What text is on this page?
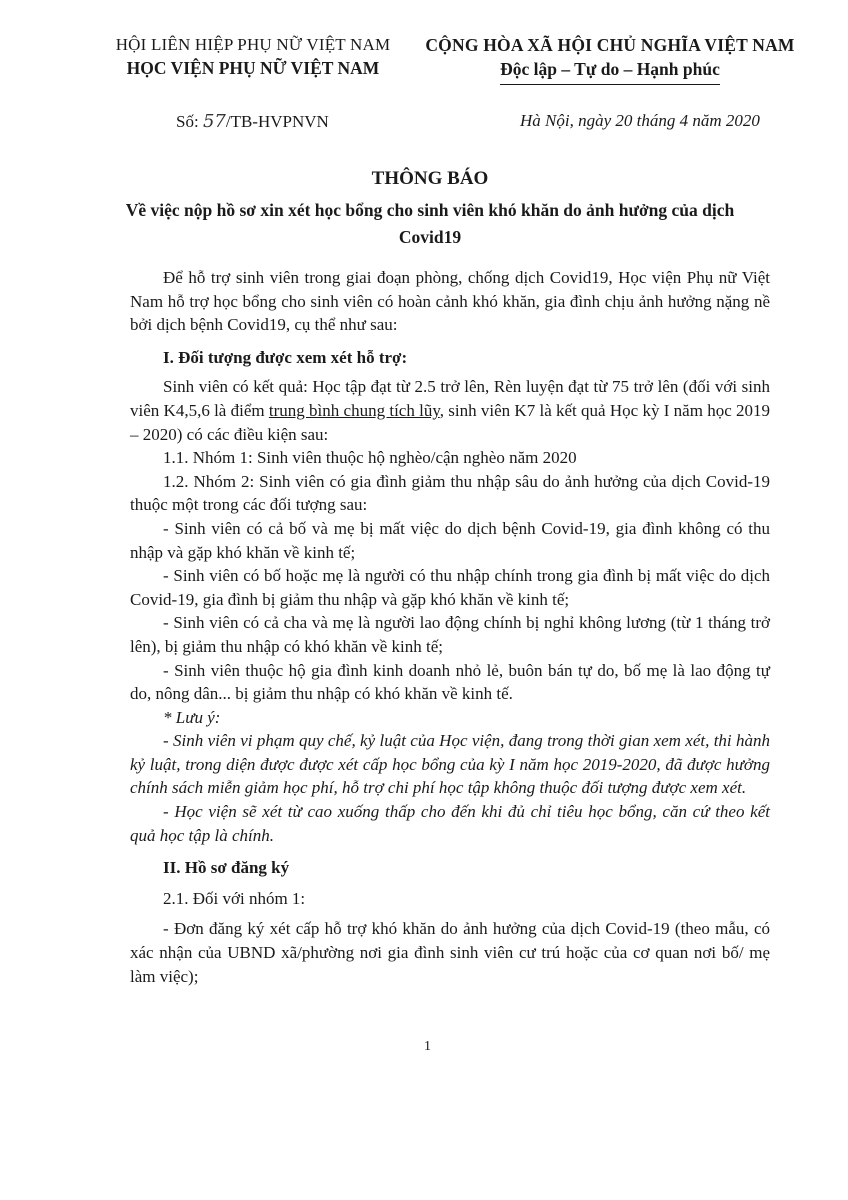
HỘI LIÊN HIỆP PHỤ NỮ VIỆT NAM
HỌC VIỆN PHỤ NỮ VIỆT NAM
CỘNG HÒA XÃ HỘI CHỦ NGHĨA VIỆT NAM
Độc lập – Tự do – Hạnh phúc
Số: 57/TB-HVPNVN	Hà Nội, ngày 20 tháng 4 năm 2020
THÔNG BÁO
Về việc nộp hồ sơ xin xét học bổng cho sinh viên khó khăn do ảnh hưởng của dịch Covid19

Để hỗ trợ sinh viên trong giai đoạn phòng, chống dịch Covid19, Học viện Phụ nữ Việt Nam hỗ trợ học bổng cho sinh viên có hoàn cảnh khó khăn, gia đình chịu ảnh hưởng nặng nề bởi dịch bệnh Covid19, cụ thể như sau:

I. Đối tượng được xem xét hỗ trợ:

Sinh viên có kết quả: Học tập đạt từ 2.5 trở lên, Rèn luyện đạt từ 75 trở lên (đối với sinh viên K4,5,6 là điểm trung bình chung tích lũy, sinh viên K7 là kết quả Học kỳ I năm học 2019 – 2020) có các điều kiện sau:

1.1. Nhóm 1: Sinh viên thuộc hộ nghèo/cận nghèo năm 2020

1.2. Nhóm 2: Sinh viên có gia đình giảm thu nhập sâu do ảnh hưởng của dịch Covid-19 thuộc một trong các đối tượng sau:

- Sinh viên có cả bố và mẹ bị mất việc do dịch bệnh Covid-19, gia đình không có thu nhập và gặp khó khăn về kinh tế;

- Sinh viên có bố hoặc mẹ là người có thu nhập chính trong gia đình bị mất việc do dịch Covid-19, gia đình bị giảm thu nhập và gặp khó khăn về kinh tế;

- Sinh viên có cả cha và mẹ là người lao động chính bị nghỉ không lương (từ 1 tháng trở lên), bị giảm thu nhập có khó khăn về kinh tế;

- Sinh viên thuộc hộ gia đình kinh doanh nhỏ lẻ, buôn bán tự do, bố mẹ là lao động tự do, nông dân... bị giảm thu nhập có khó khăn về kinh tế.

* Lưu ý:

- Sinh viên vi phạm quy chế, kỷ luật của Học viện, đang trong thời gian xem xét, thi hành kỷ luật, trong diện được được xét cấp học bổng của kỳ I năm học 2019-2020, đã được hưởng chính sách miễn giảm học phí, hỗ trợ chi phí học tập không thuộc đối tượng được xem xét.

- Học viện sẽ xét từ cao xuống thấp cho đến khi đủ chỉ tiêu học bổng, căn cứ theo kết quả học tập là chính.

II. Hồ sơ đăng ký

2.1. Đối với nhóm 1:

- Đơn đăng ký xét cấp hỗ trợ khó khăn do ảnh hưởng của dịch Covid-19 (theo mẫu, có xác nhận của UBND xã/phường nơi gia đình sinh viên cư trú hoặc của cơ quan nơi bố/ mẹ làm việc);

1
